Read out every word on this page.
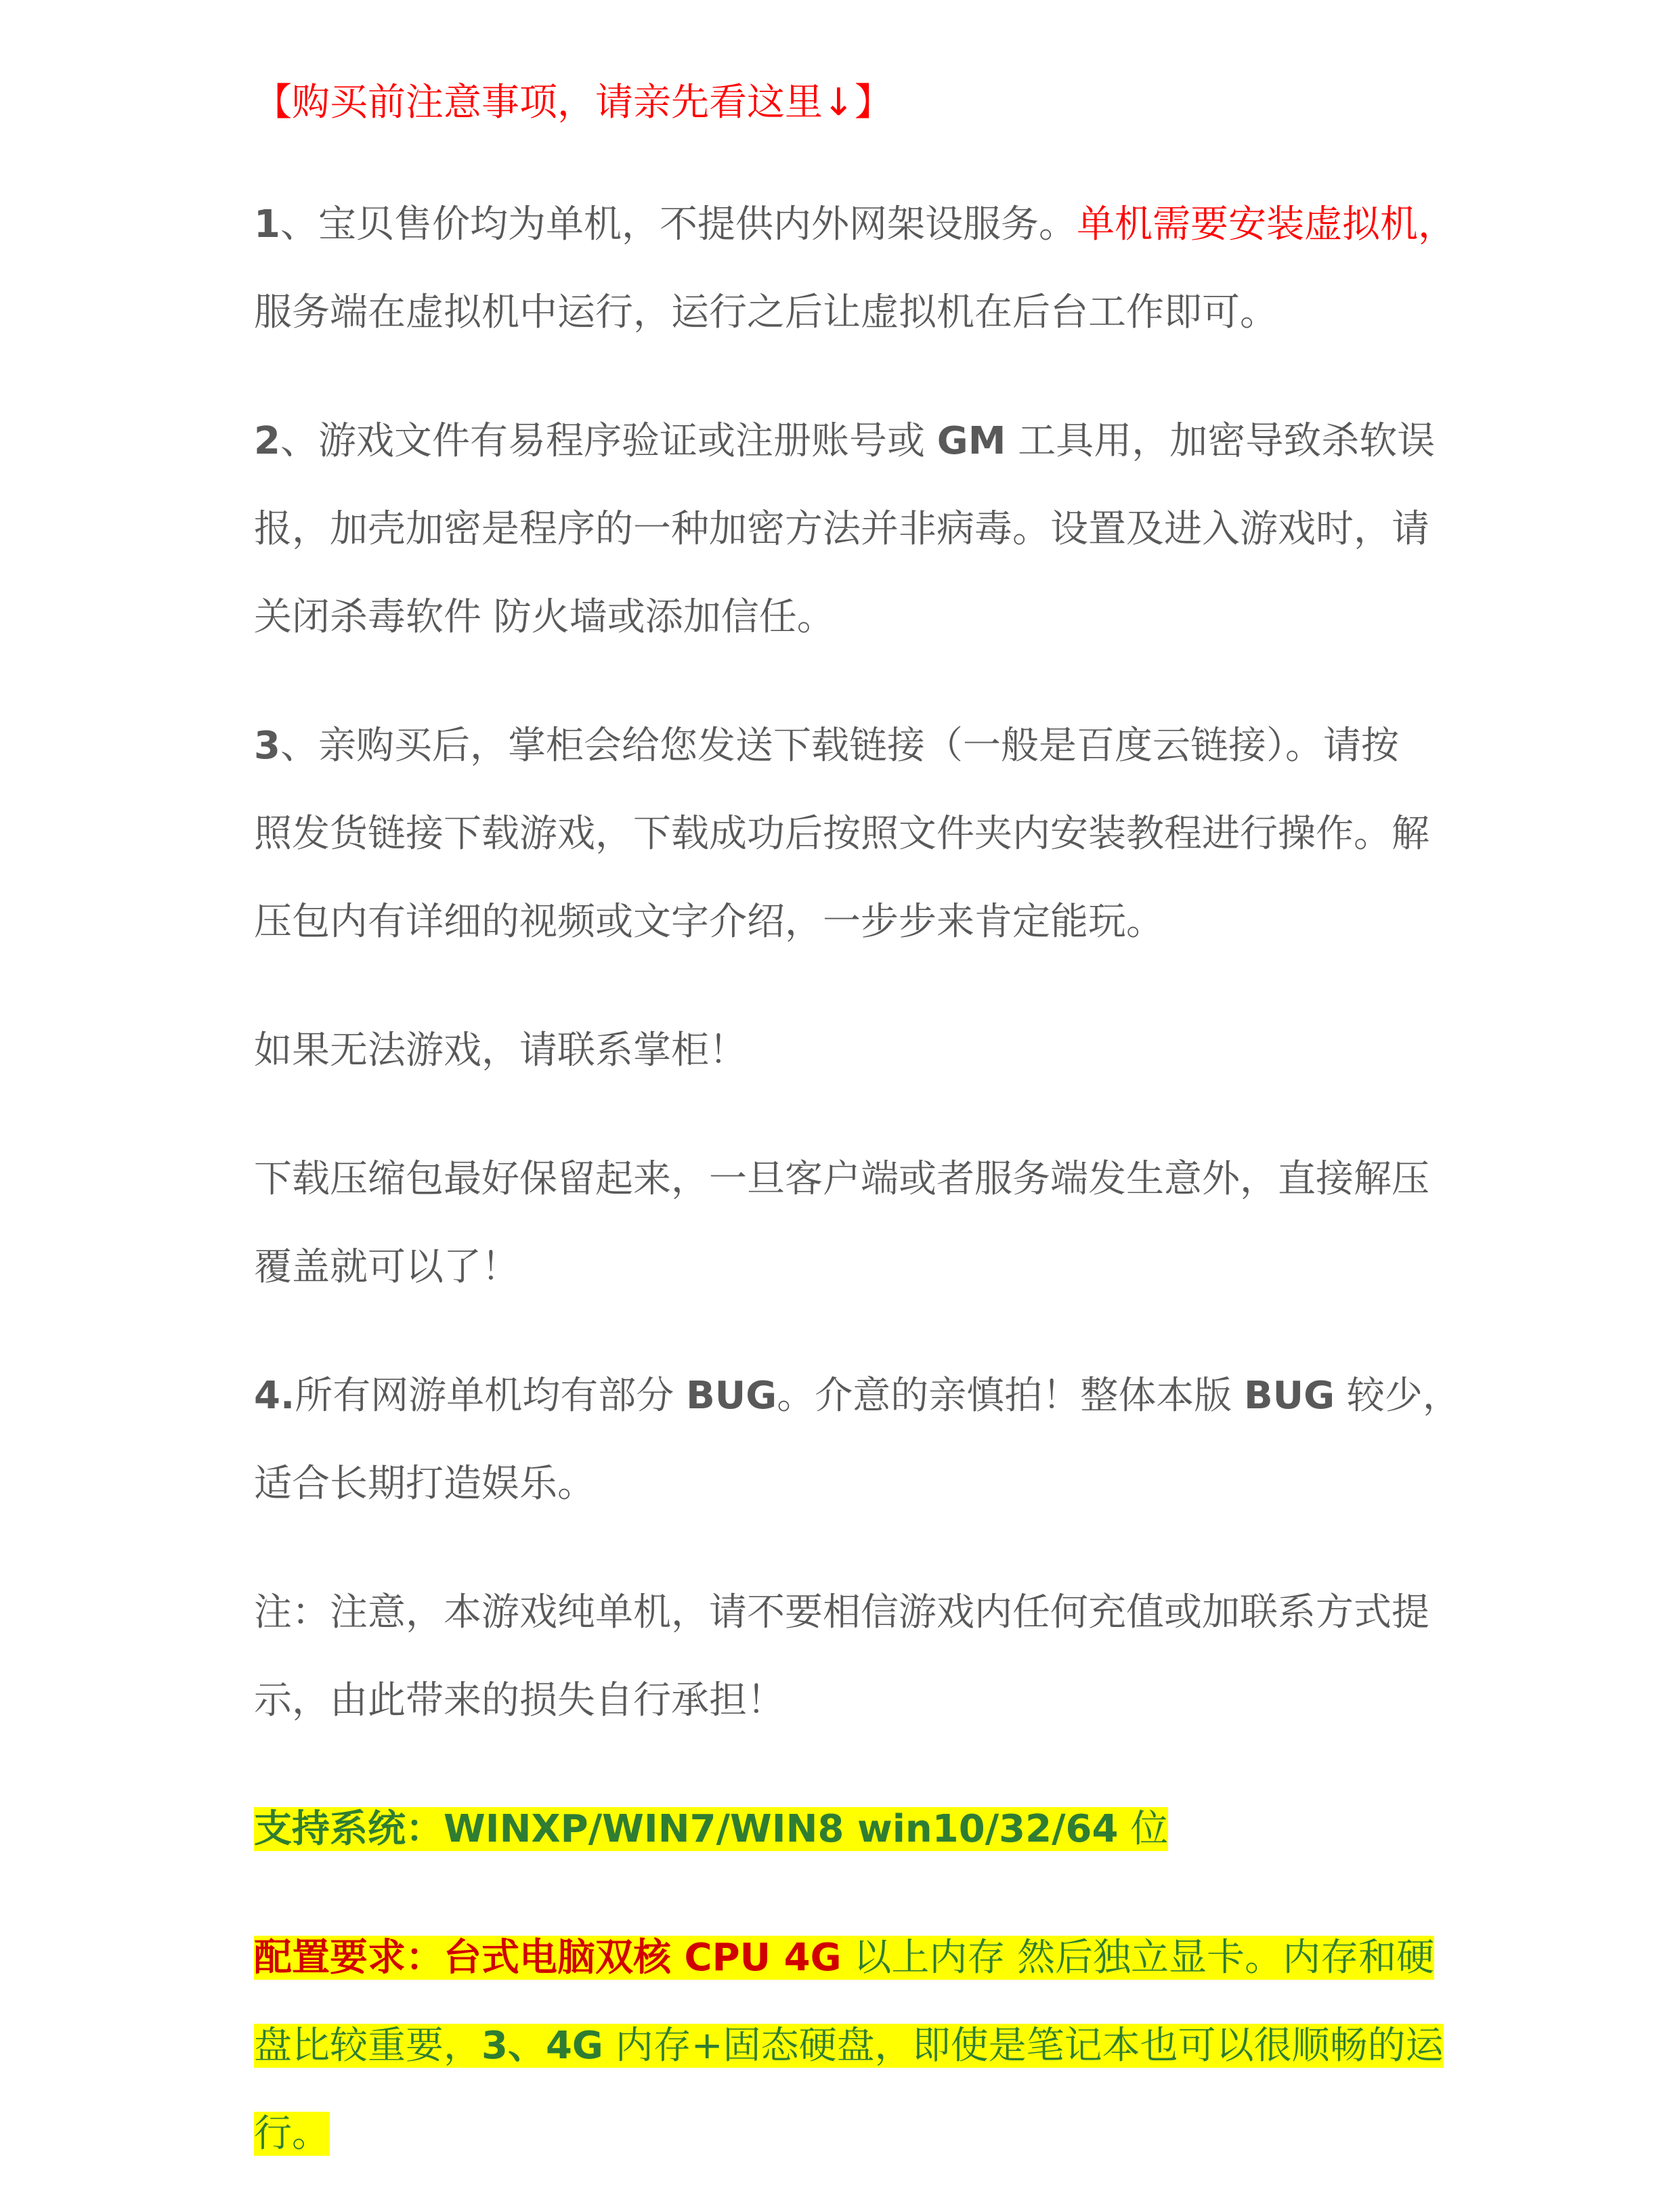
【购买前注意事项，请亲先看这里↓】
1、宝贝售价均为单机，不提供内外网架设服务。单机需要安装虚拟机，
服务端在虚拟机中运行，运行之后让虚拟机在后台工作即可。
2、游戏文件有易程序验证或注册账号或 GM 工具用，加密导致杀软误
报，加壳加密是程序的一种加密方法并非病毒。设置及进入游戏时，请
关闭杀毒软件 防火墙或添加信任。
3、亲购买后，掌柜会给您发送下载链接（一般是百度云链接）。请按
照发货链接下载游戏，下载成功后按照文件夹内安装教程进行操作。解
压包内有详细的视频或文字介绍，一步步来肯定能玩。
如果无法游戏，请联系掌柜！
下载压缩包最好保留起来，一旦客户端或者服务端发生意外，直接解压
覆盖就可以了！
4.所有网游单机均有部分 BUG。介意的亲慎拍！整体本版 BUG 较少，
适合长期打造娱乐。
注：注意，本游戏纯单机，请不要相信游戏内任何充值或加联系方式提
示，由此带来的损失自行承担！
支持系统：WINXP/WIN7/WIN8 win10/32/64 位
配置要求：台式电脑双核 CPU 4G 以上内存 然后独立显卡。内存和硬
盘比较重要，3、4G 内存+固态硬盘，即使是笔记本也可以很顺畅的运
行。
